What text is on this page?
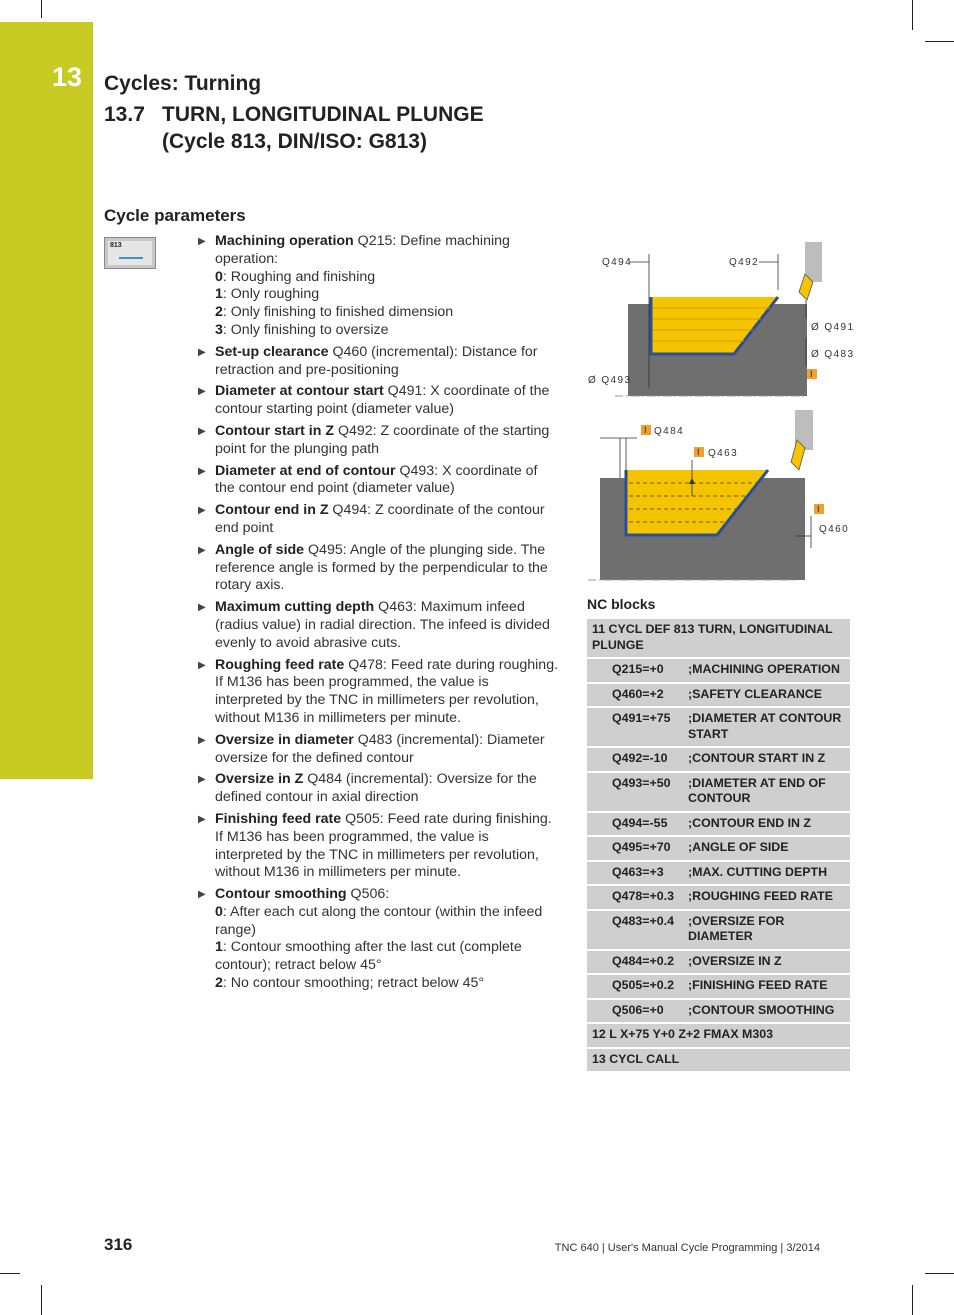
13 Cycles: Turning
13.7 TURN, LONGITUDINAL PLUNGE
(Cycle 813, DIN/ISO: G813)
Cycle parameters
813	▶ Machining operation Q215: Define machining operation:
0: Roughing and finishing
1: Only roughing
2: Only finishing to finished dimension
3: Only finishing to oversize
▶ Set-up clearance Q460 (incremental): Distance for retraction and pre-positioning
▶ Diameter at contour start Q491: X coordinate of the contour starting point (diameter value)
▶ Contour start in Z Q492: Z coordinate of the starting point for the plunging path
▶ Diameter at end of contour Q493: X coordinate of the contour end point (diameter value)
▶ Contour end in Z Q494: Z coordinate of the contour end point
▶ Angle of side Q495: Angle of the plunging side. The reference angle is formed by the perpendicular to the rotary axis.
▶ Maximum cutting depth Q463: Maximum infeed (radius value) in radial direction. The infeed is divided evenly to avoid abrasive cuts.
▶ Roughing feed rate Q478: Feed rate during roughing. If M136 has been programmed, the value is interpreted by the TNC in millimeters per revolution, without M136 in millimeters per minute.
▶ Oversize in diameter Q483 (incremental): Diameter oversize for the defined contour
▶ Oversize in Z Q484 (incremental): Oversize for the defined contour in axial direction
▶ Finishing feed rate Q505: Feed rate during finishing. If M136 has been programmed, the value is interpreted by the TNC in millimeters per revolution, without M136 in millimeters per minute.
▶ Contour smoothing Q506:
0: After each cut along the contour (within the infeed range)
1: Contour smoothing after the last cut (complete contour); retract below 45°
2: No contour smoothing; retract below 45°
Q494	Q492
Ø Q491
Ø Q483
Ø Q493
I
I
I
I
Q484
Q463
Q460
NC blocks
11 CYCL DEF 813 TURN, LONGITUDINAL PLUNGE	
Q215=+0	;MACHINING OPERATION
Q460=+2	;SAFETY CLEARANCE
Q491=+75	;DIAMETER AT CONTOUR START
Q492=-10	;CONTOUR START IN Z
Q493=+50	;DIAMETER AT END OF CONTOUR
Q494=-55	;CONTOUR END IN Z
Q495=+70	;ANGLE OF SIDE
Q463=+3	;MAX. CUTTING DEPTH
Q478=+0.3	;ROUGHING FEED RATE
Q483=+0.4	;OVERSIZE FOR DIAMETER
Q484=+0.2	;OVERSIZE IN Z
Q505=+0.2	;FINISHING FEED RATE
Q506=+0	;CONTOUR SMOOTHING
12 L X+75 Y+0 Z+2 FMAX M303	
13 CYCL CALL	
316	TNC 640 | User's Manual Cycle Programming | 3/2014
